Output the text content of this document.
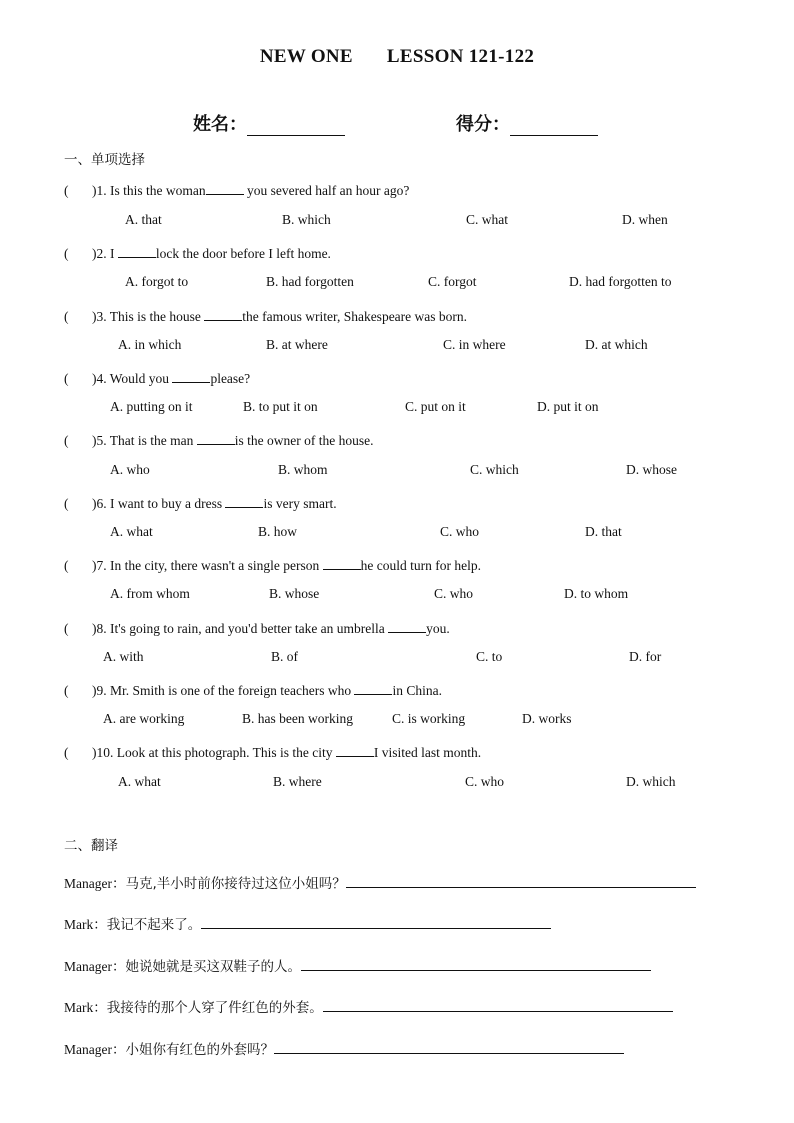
NEW ONE LESSON 121-122
姓名：	得分：
一、单项选择
( )1. Is this the woman	you severed half an hour ago?
A. that	B. which	C. what	D. when
( )2. I	lock the door before I left home.
A. forgot to	B. had forgotten	C. forgot	D. had forgotten to
( )3. This is the house	the famous writer, Shakespeare was born.
A. in which	B. at where	C. in where	D. at which
( )4. Would you	please?
A. putting on it	B. to put it on	C. put on it	D. put it on
( )5. That is the man	is the owner of the house.
A. who	B. whom	C. which	D. whose
( )6. I want to buy a dress	is very smart.
A. what	B. how	C. who	D. that
( )7. In the city, there wasn't a single person	he could turn for help.
A. from whom	B. whose	C. who	D. to whom
( )8. It's going to rain, and you'd better take an umbrella	you.
A. with	B. of	C. to	D. for
( )9. Mr. Smith is one of the foreign teachers who	in China.
A. are working	B. has been working	C. is working	D. works
( )10. Look at this photograph. This is the city	I visited last month.
A. what	B. where	C. who	D. which
二、翻译
Manager：马克,半小时前你接待过这位小姐吗？
Mark：我记不起来了。
Manager：她说她就是买这双鞋子的人。
Mark：我接待的那个人穿了件红色的外套。
Manager：小姐你有红色的外套吗？
